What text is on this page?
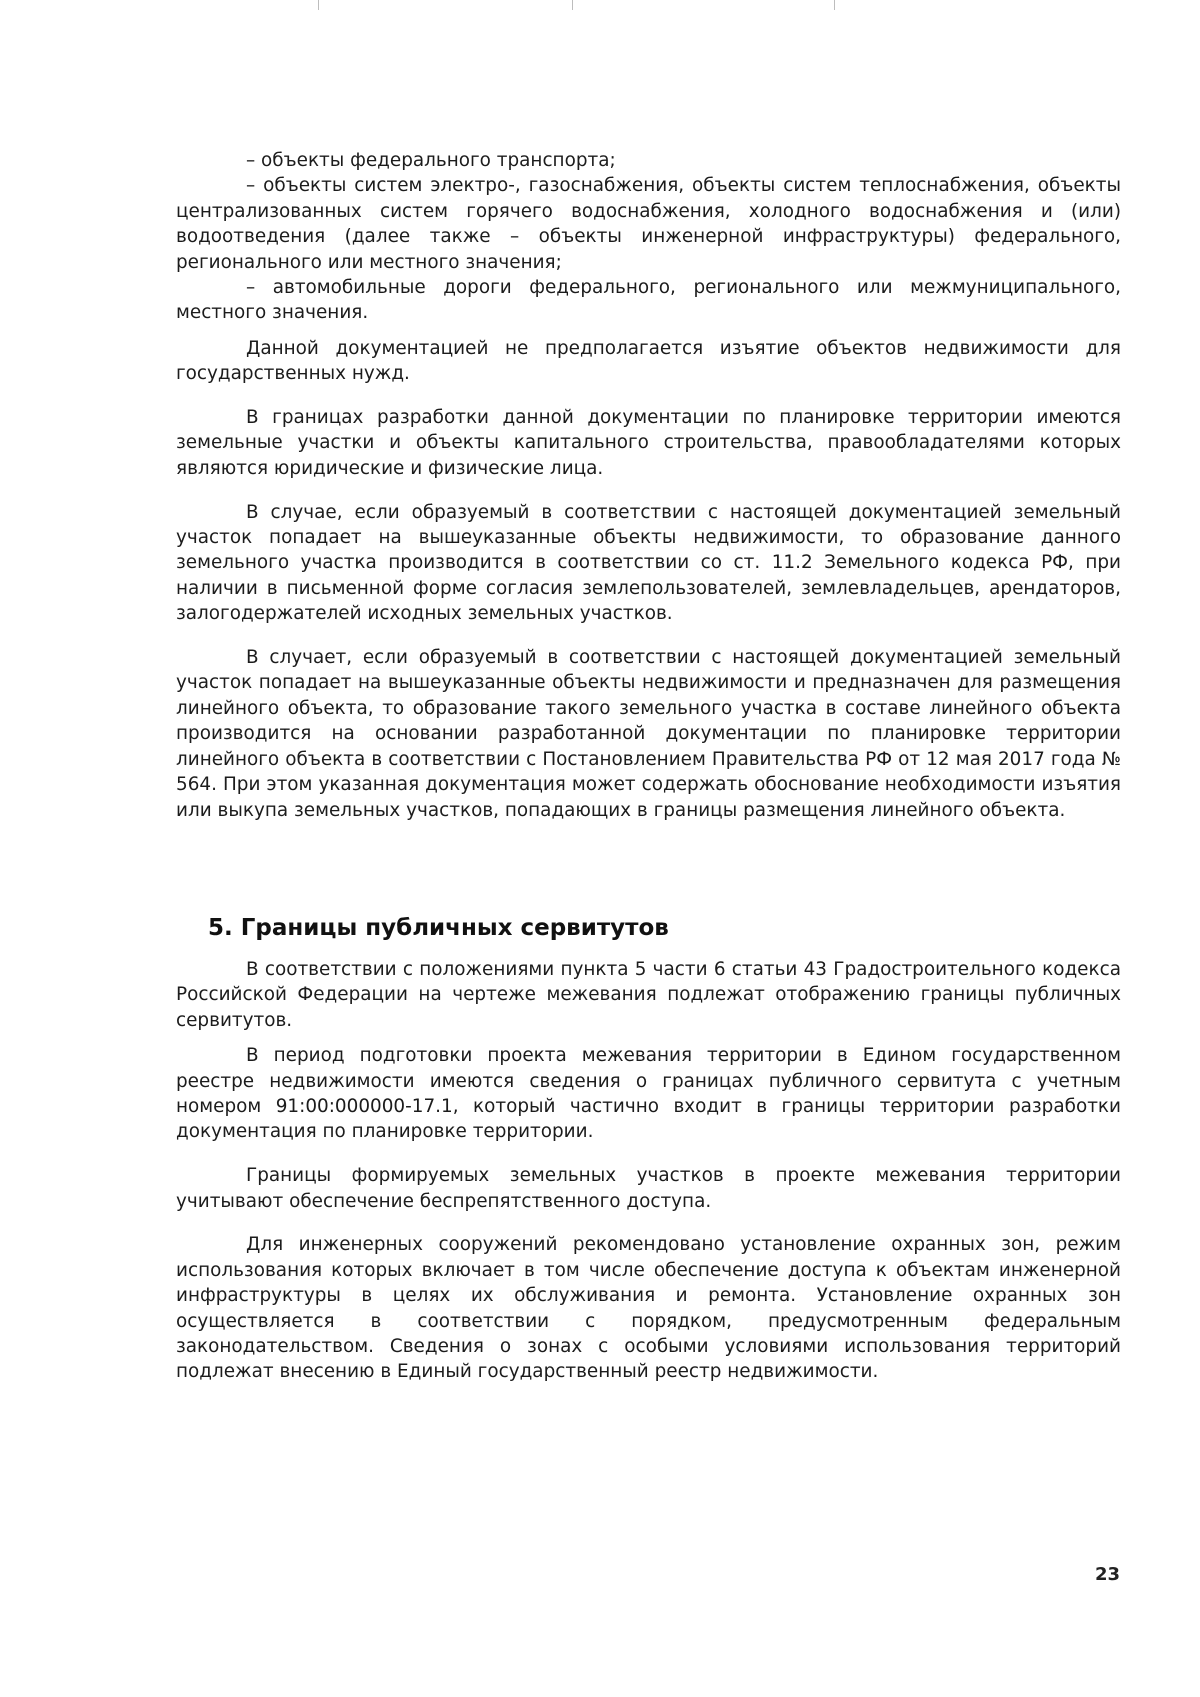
– объекты федерального транспорта;

– объекты систем электро-, газоснабжения, объекты систем теплоснабжения, объекты централизованных систем горячего водоснабжения, холодного водоснабжения и (или) водоотведения (далее также – объекты инженерной инфраструктуры) федерального, регионального или местного значения;

– автомобильные дороги федерального, регионального или межмуниципального, местного значения.

Данной документацией не предполагается изъятие объектов недвижимости для государственных нужд.

В границах разработки данной документации по планировке территории имеются земельные участки и объекты капитального строительства, правообладателями которых являются юридические и физические лица.

В случае, если образуемый в соответствии с настоящей документацией земельный участок попадает на вышеуказанные объекты недвижимости, то образование данного земельного участка производится в соответствии со ст. 11.2 Земельного кодекса РФ, при наличии в письменной форме согласия землепользователей, землевладельцев, арендаторов, залогодержателей исходных земельных участков.

В случает, если образуемый в соответствии с настоящей документацией земельный участок попадает на вышеуказанные объекты недвижимости и предназначен для размещения линейного объекта, то образование такого земельного участка в составе линейного объекта производится на основании разработанной документации по планировке территории линейного объекта в соответствии с Постановлением Правительства РФ от 12 мая 2017 года № 564. При этом указанная документация может содержать обоснование необходимости изъятия или выкупа земельных участков, попадающих в границы размещения линейного объекта.

5. Границы публичных сервитутов

В соответствии с положениями пункта 5 части 6 статьи 43 Градостроительного кодекса Российской Федерации на чертеже межевания подлежат отображению границы публичных сервитутов.

В период подготовки проекта межевания территории в Едином государственном реестре недвижимости имеются сведения о границах публичного сервитута с учетным номером 91:00:000000-17.1, который частично входит в границы территории разработки документация по планировке территории.

Границы формируемых земельных участков в проекте межевания территории учитывают обеспечение беспрепятственного доступа.

Для инженерных сооружений рекомендовано установление охранных зон, режим использования которых включает в том числе обеспечение доступа к объектам инженерной инфраструктуры в целях их обслуживания и ремонта. Установление охранных зон осуществляется в соответствии с порядком, предусмотренным федеральным законодательством. Сведения о зонах с особыми условиями использования территорий подлежат внесению в Единый государственный реестр недвижимости.

23
